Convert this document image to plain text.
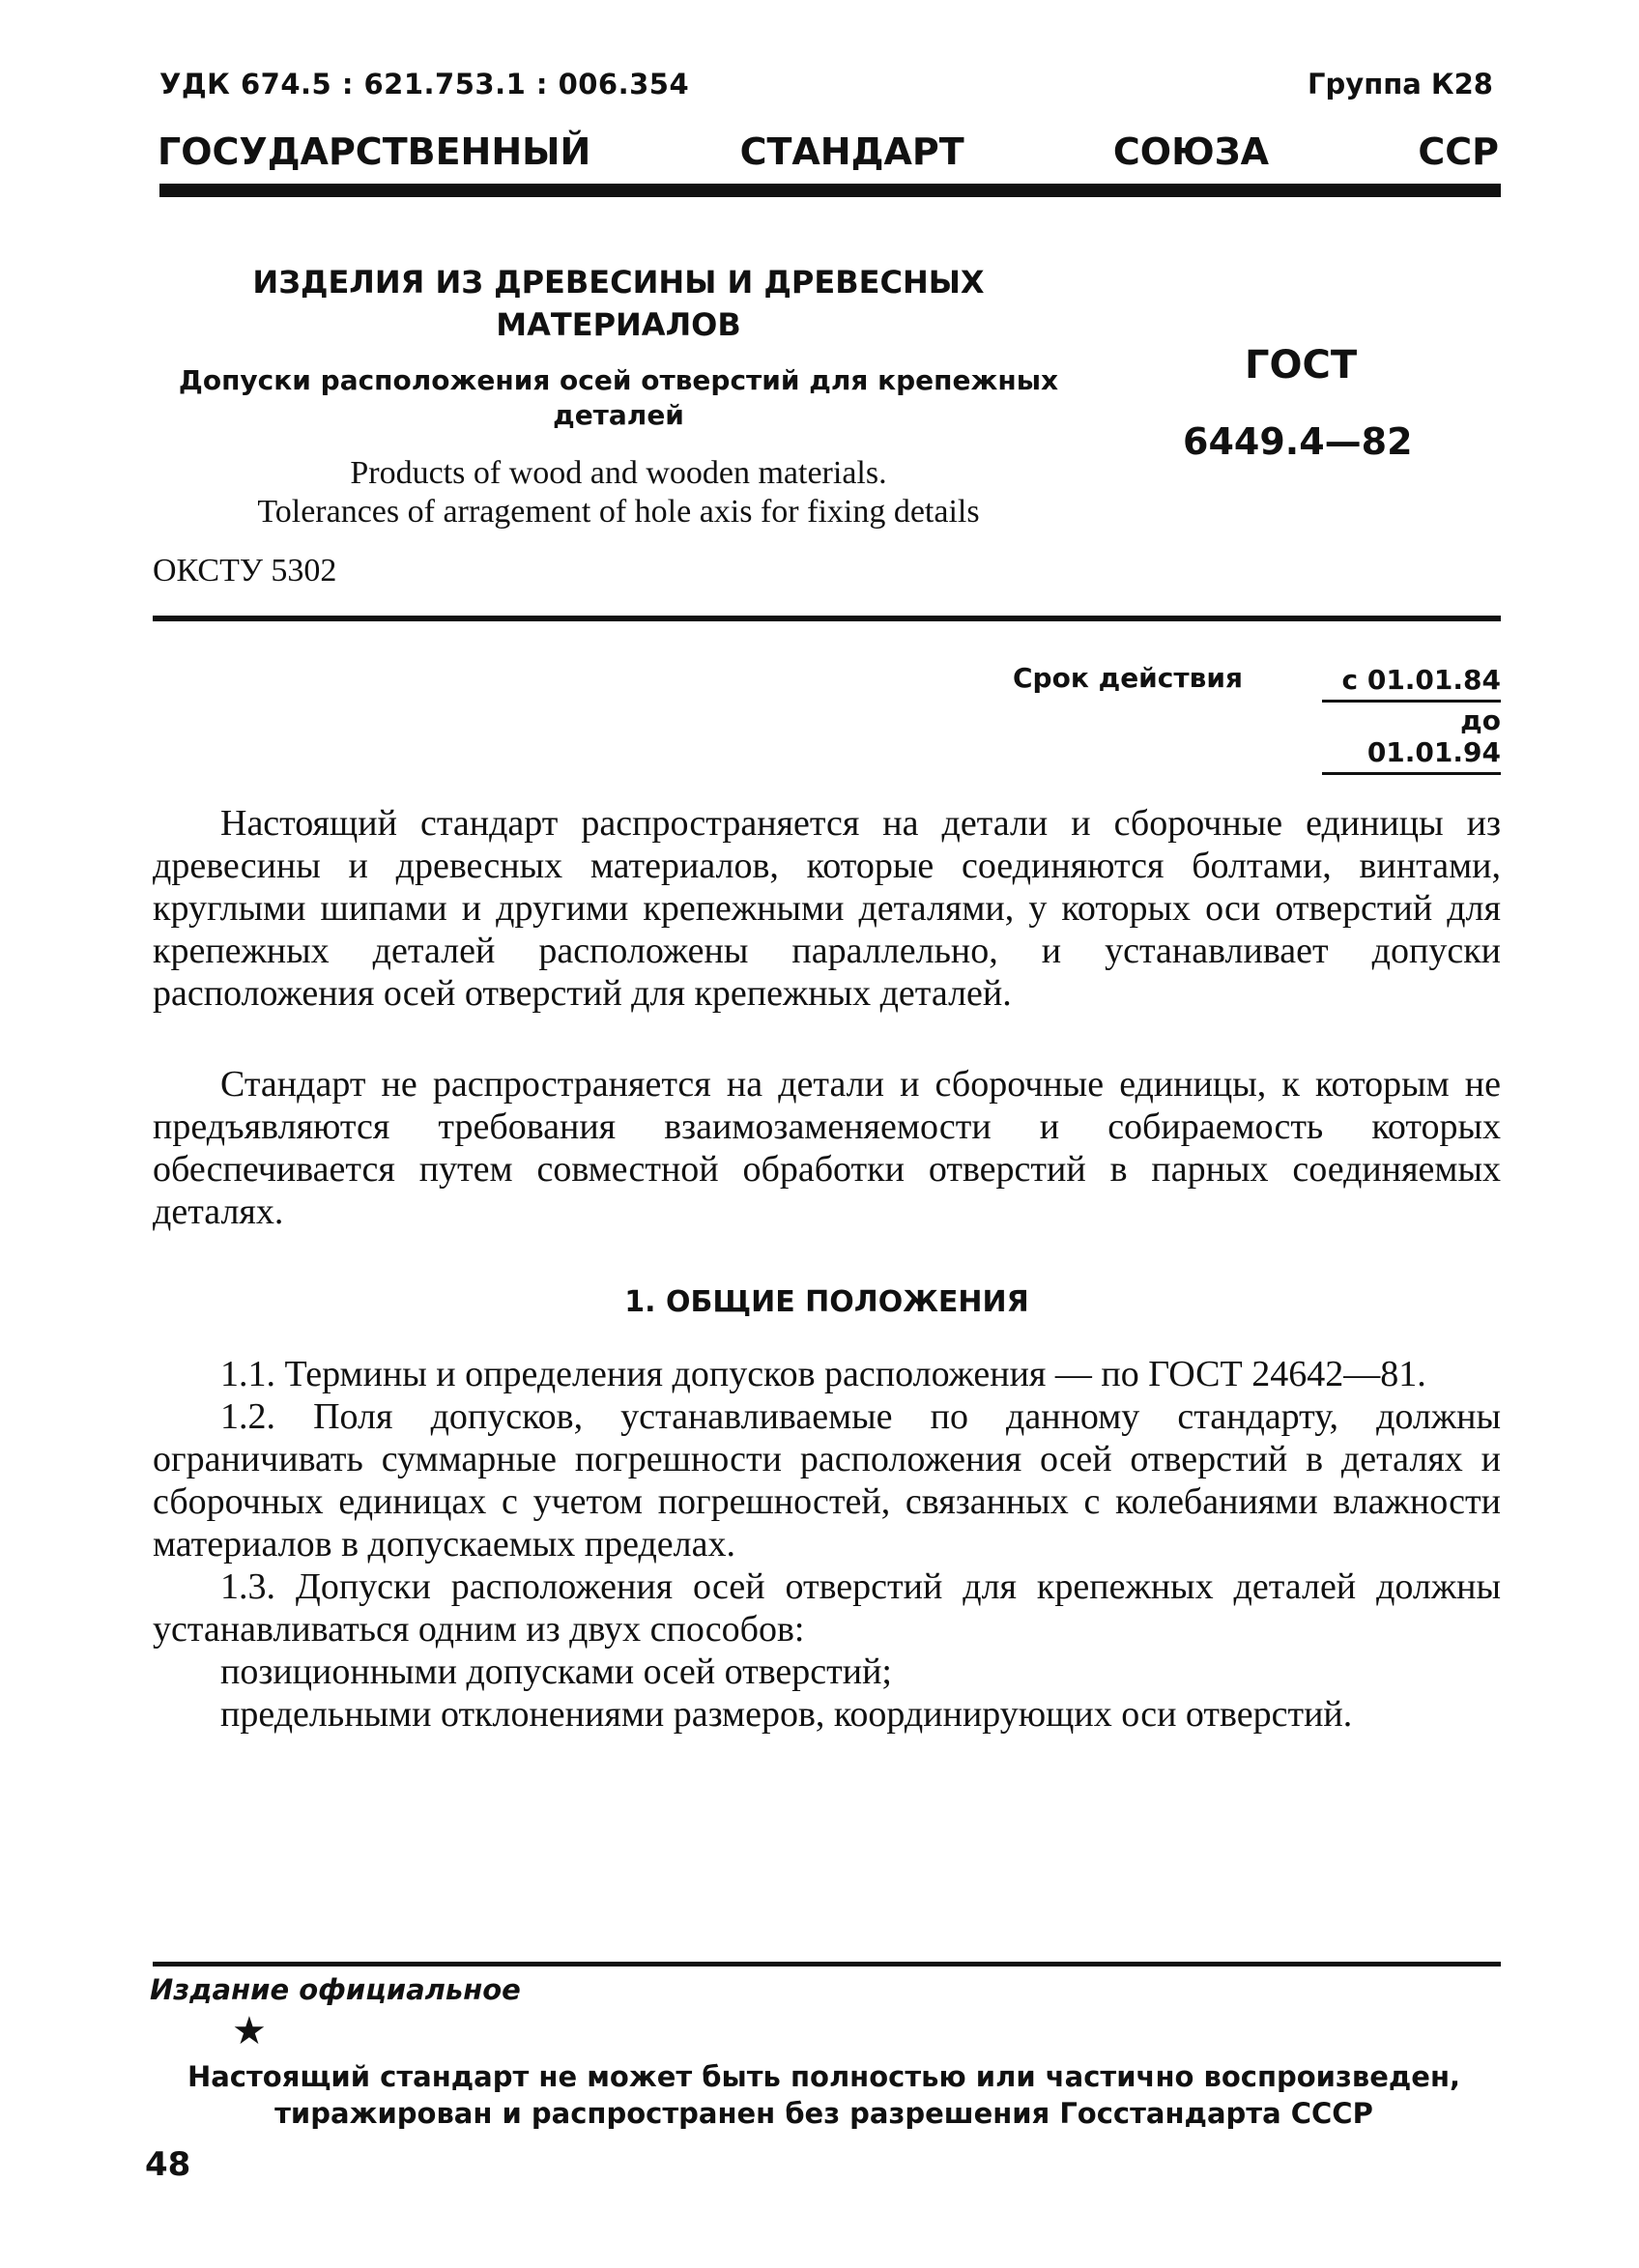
УДК 674.5 : 621.753.1 : 006.354	Группа К28
ГОСУДАРСТВЕННЫЙ	СТАНДАРТ	СОЮЗА	ССР
ИЗДЕЛИЯ ИЗ ДРЕВЕСИНЫ И ДРЕВЕСНЫХ МАТЕРИАЛОВ
Допуски расположения осей отверстий для крепежных деталей
Products of wood and wooden materials.
Tolerances of arragement of hole axis for fixing details
ОКСТУ 5302
ГОСТ
6449.4—82
Срок действия	с 01.01.84
до 01.01.94

Настоящий стандарт распространяется на детали и сборочные единицы из древесины и древесных материалов, которые соединяются болтами, винтами, круглыми шипами и другими крепежными деталями, у которых оси отверстий для крепежных деталей расположены параллельно, и устанавливает допуски расположения осей отверстий для крепежных деталей.

Стандарт не распространяется на детали и сборочные единицы, к которым не предъявляются требования взаимозаменяемости и собираемость которых обеспечивается путем совместной обработки отверстий в парных соединяемых деталях.

1. ОБЩИЕ ПОЛОЖЕНИЯ

1.1. Термины и определения допусков расположения — по ГОСТ 24642—81.

1.2. Поля допусков, устанавливаемые по данному стандарту, должны ограничивать суммарные погрешности расположения осей отверстий в деталях и сборочных единицах с учетом погрешностей, связанных с колебаниями влажности материалов в допускаемых пределах.

1.3. Допуски расположения осей отверстий для крепежных деталей должны устанавливаться одним из двух способов:

позиционными допусками осей отверстий;

предельными отклонениями размеров, координирующих оси отверстий.

Издание официальное
★
Настоящий стандарт не может быть полностью или частично воспроизведен,
тиражирован и распространен без разрешения Госстандарта СССР
48
